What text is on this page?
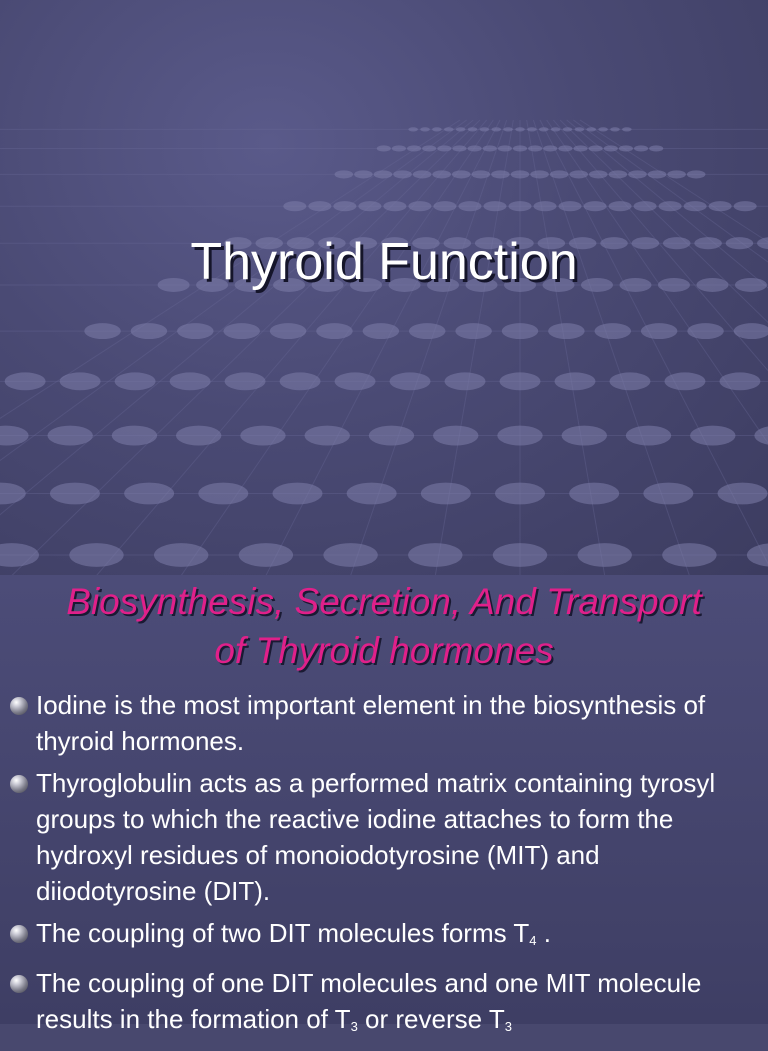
Thyroid Function
Biosynthesis, Secretion, And Transport
of Thyroid hormones
Iodine is the most important element in the biosynthesis of thyroid hormones.
Thyroglobulin acts as a performed matrix containing tyrosyl groups to which the reactive iodine attaches to form the hydroxyl residues of monoiodotyrosine (MIT) and diiodotyrosine (DIT).
The coupling of two DIT molecules forms $T_4$ .
The coupling of one DIT molecules and one MIT molecule results in the formation of $T_3$ or reverse $T_3$
